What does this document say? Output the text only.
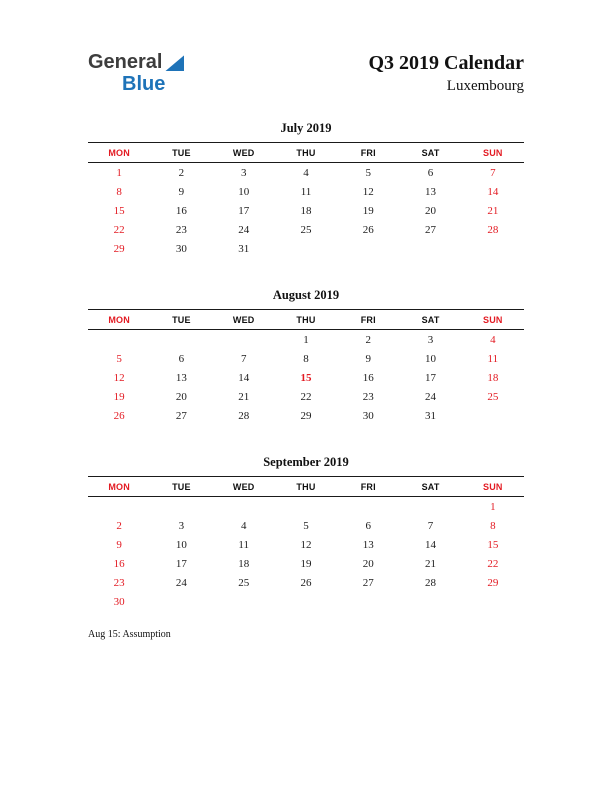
General
Blue
Q3 2019 Calendar
Luxembourg
July 2019
MON	TUE	WED	THU	FRI	SAT	SUN
1	2	3	4	5	6	7
8	9	10	11	12	13	14
15	16	17	18	19	20	21
22	23	24	25	26	27	28
29	30	31				
August 2019
MON	TUE	WED	THU	FRI	SAT	SUN
			1	2	3	4
5	6	7	8	9	10	11
12	13	14	15	16	17	18
19	20	21	22	23	24	25
26	27	28	29	30	31	
September 2019
MON	TUE	WED	THU	FRI	SAT	SUN
						1
2	3	4	5	6	7	8
9	10	11	12	13	14	15
16	17	18	19	20	21	22
23	24	25	26	27	28	29
30						
Aug 15: Assumption
